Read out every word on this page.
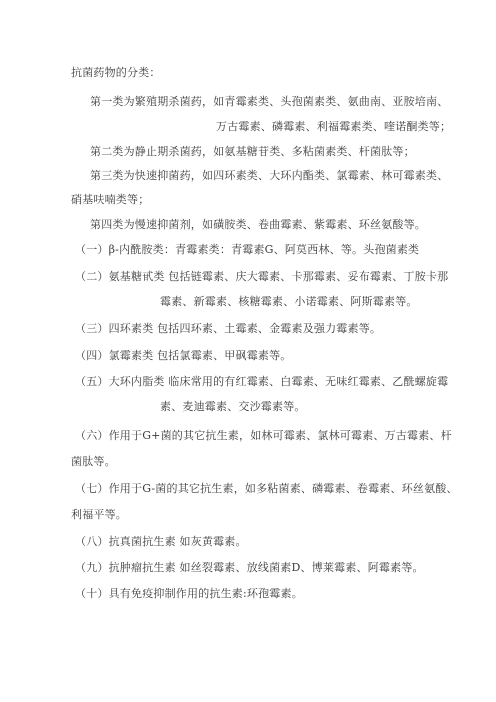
抗菌药物的分类：
第一类为繁殖期杀菌药，如青霉素类、头孢菌素类、氨曲南、亚胺培南、
万古霉素、磷霉素、利福霉素类、喹诺酮类等；
第二类为静止期杀菌药，如氨基糖苷类、多粘菌素类、杆菌肽等；
第三类为快速抑菌药，如四环素类、大环内酯类、氯霉素、林可霉素类、
硝基呋喃类等；
第四类为慢速抑菌剂，如磺胺类、卷曲霉素、紫霉素、环丝氨酸等。
（一）β-内酰胺类：青霉素类：青霉素G、阿莫西林、等。头孢菌素类
（二）氨基糖甙类 包括链霉素、庆大霉素、卡那霉素、妥布霉素、丁胺卡那
霉素、新霉素、核糖霉素、小诺霉素、阿斯霉素等。
（三）四环素类 包括四环素、土霉素、金霉素及强力霉素等。
（四）氯霉素类 包括氯霉素、甲砜霉素等。
（五）大环内脂类 临床常用的有红霉素、白霉素、无味红霉素、乙酰螺旋霉
素、麦迪霉素、交沙霉素等。
（六）作用于G+菌的其它抗生素，如林可霉素、氯林可霉素、万古霉素、杆
菌肽等。
（七）作用于G-菌的其它抗生素，如多粘菌素、磷霉素、卷霉素、环丝氨酸、
利福平等。
（八）抗真菌抗生素 如灰黄霉素。
（九）抗肿瘤抗生素 如丝裂霉素、放线菌素D、博莱霉素、阿霉素等。
（十）具有免疫抑制作用的抗生素:环孢霉素。
